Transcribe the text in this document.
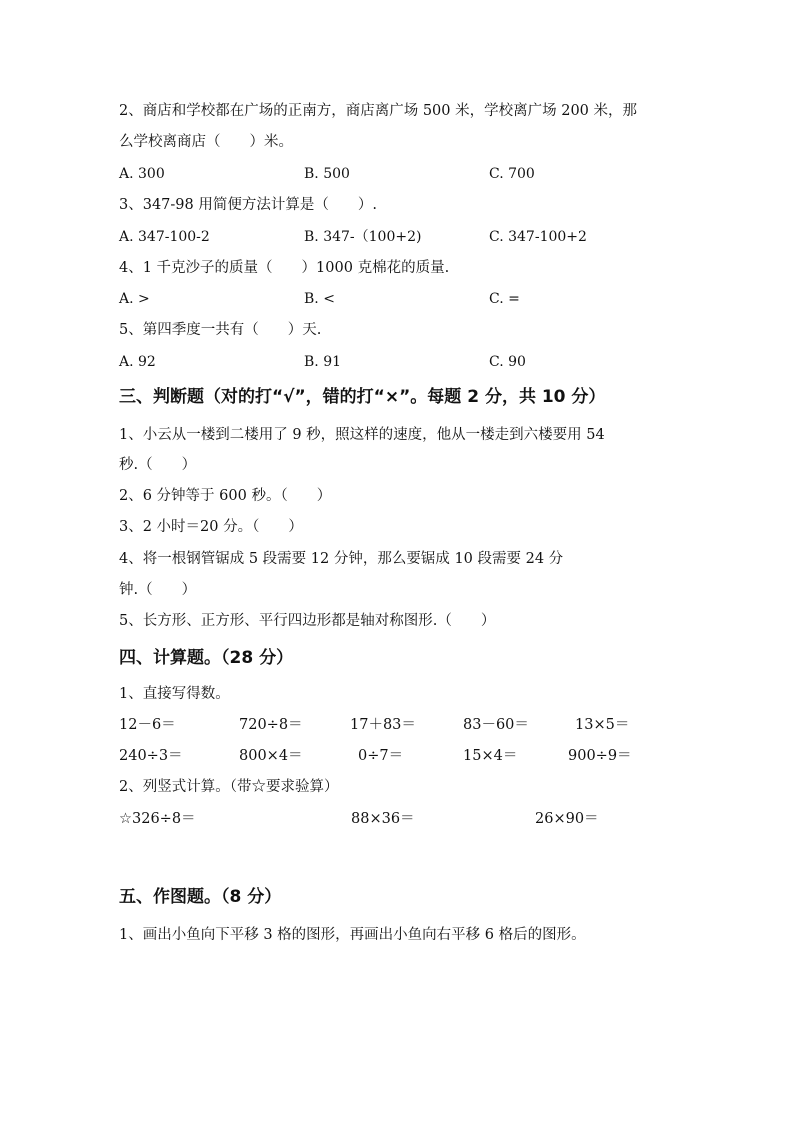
2、商店和学校都在广场的正南方，商店离广场 500 米，学校离广场 200 米，那
么学校离商店（　　）米。
A. 300	B. 500	C. 700
3、347-98 用简便方法计算是（　　）.
A. 347-100-2	B. 347-（100+2)	C. 347-100+2
4、1 千克沙子的质量（　　）1000 克棉花的质量.
A. >	B. <	C. =
5、第四季度一共有（　　）天.
A. 92	B. 91	C. 90
三、判断题（对的打“√”，错的打“×”。每题 2 分，共 10 分）
1、小云从一楼到二楼用了 9 秒，照这样的速度，他从一楼走到六楼要用 54
秒.（　　）
2、6 分钟等于 600 秒。（　　）
3、2 小时＝20 分。（　　）
4、将一根钢管锯成 5 段需要 12 分钟，那么要锯成 10 段需要 24 分
钟.（　　）
5、长方形、正方形、平行四边形都是轴对称图形.（　　）
四、计算题。（28 分）
1、直接写得数。
12－6＝	720÷8＝	17＋83＝	83－60＝	13×5＝
240÷3＝	800×4＝	0÷7＝	15×4＝	900÷9＝
2、列竖式计算。（带☆要求验算）
☆326÷8＝	88×36＝	26×90＝
五、作图题。（8 分）
1、画出小鱼向下平移 3 格的图形，再画出小鱼向右平移 6 格后的图形。
